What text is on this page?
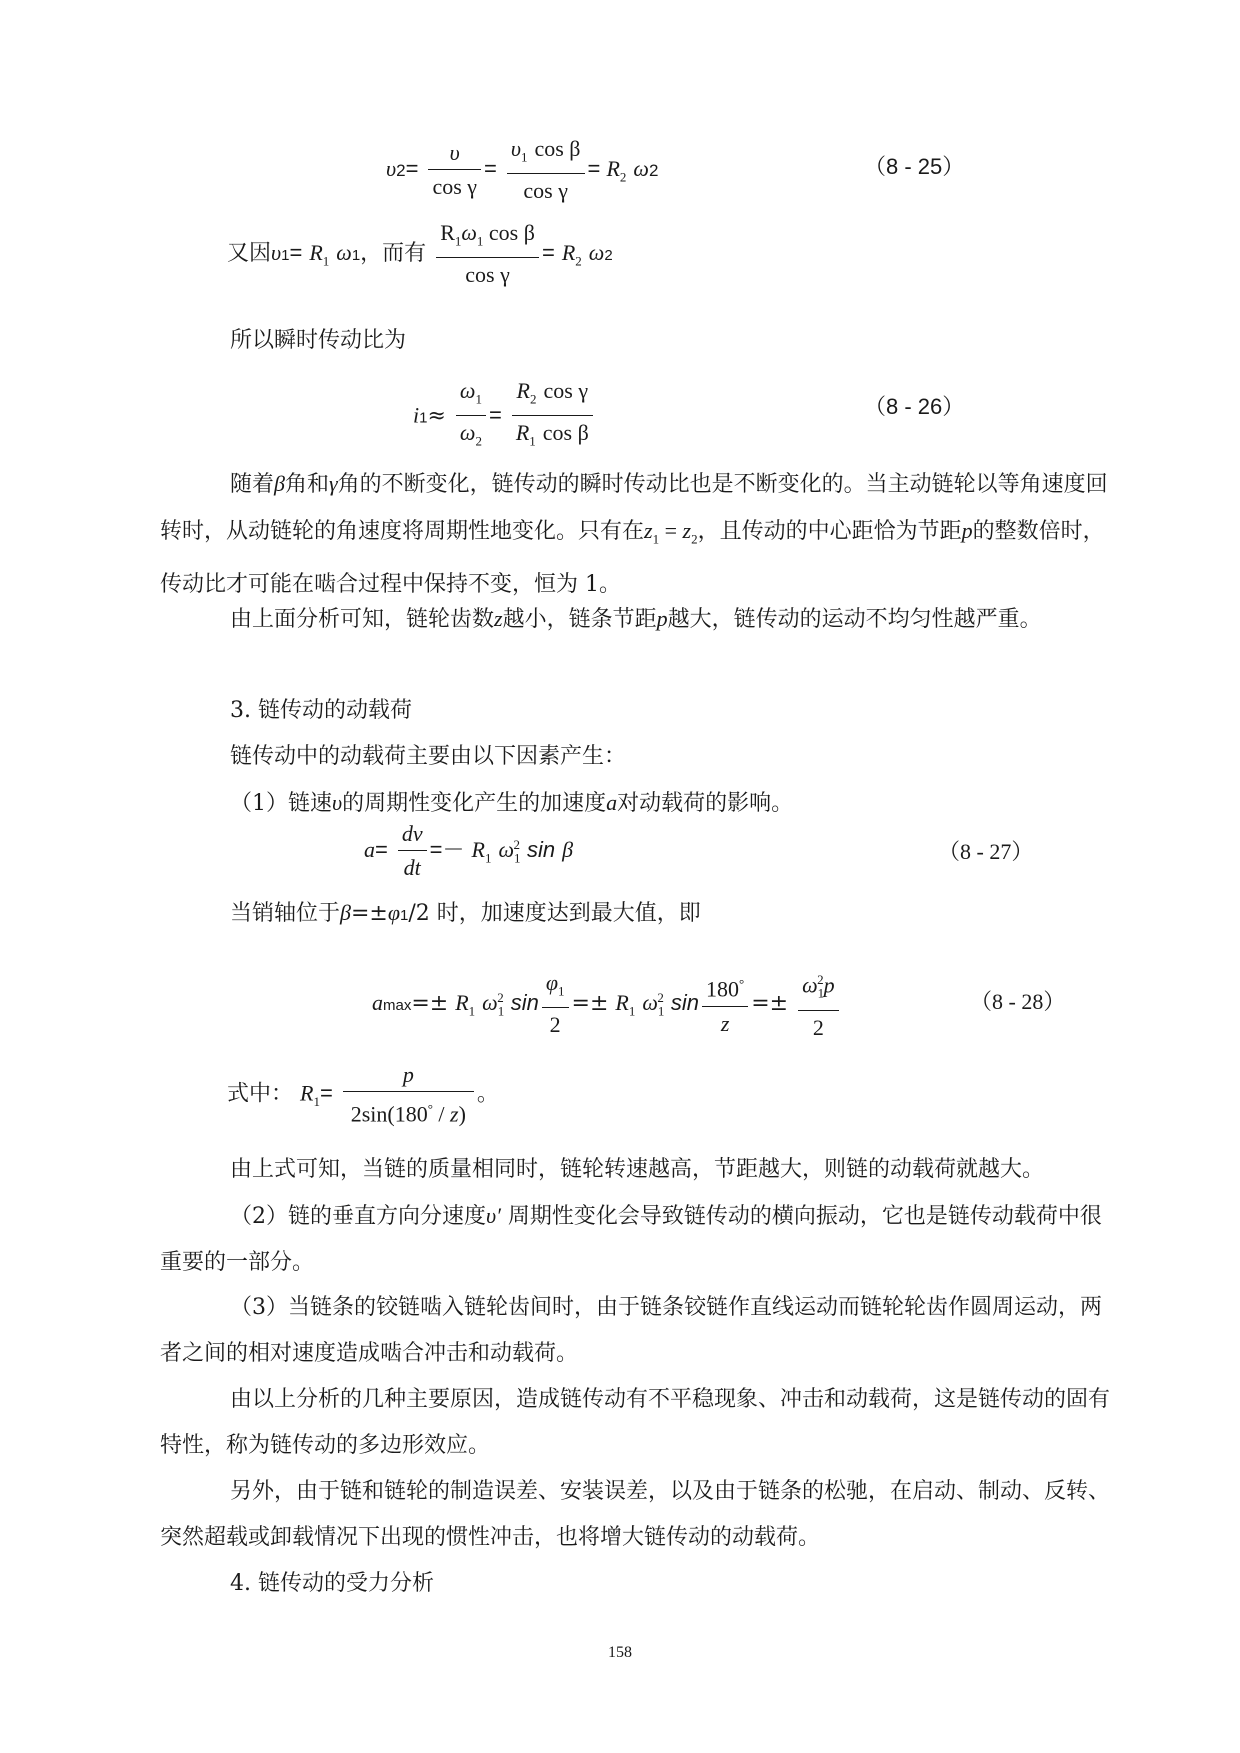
$\upsilon 2= \frac{\upsilon}{\text{cos γ}} = \frac{\upsilon_1 \cos \beta}{\text{cos γ}} = R_2$ ω2	（8 - 25）
又因$\upsilon 1= R_1$ ω1，而有 $\frac{R_1\omega_1 \cos \beta}{\text{cos γ}} = R_2$ ω2
所以瞬时传动比为
$i1\approx \frac{\omega_1}{\omega_2} = \frac{R_2 \cos \gamma}{R_1 \cos \beta}$	（8 - 26）
随着β角和γ角的不断变化，链传动的瞬时传动比也是不断变化的。当主动链轮以等角速度回转时，从动链轮的角速度将周期性地变化。只有在$z_1 = z_2$，且传动的中心距恰为节距p的整数倍时，传动比才可能在啮合过程中保持不变，恒为 1。
由上面分析可知，链轮齿数z越小，链条节距p越大，链传动的运动不均匀性越严重。
3. 链传动的动载荷
链传动中的动载荷主要由以下因素产生：
（1）链速υ的周期性变化产生的加速度a对动载荷的影响。
$a= \frac{dv}{dt} =- R_1$ $\omega_1^2$ sin β	（8 - 27）
当销轴位于β=±φ1/2 时，加速度达到最大值，即
$amax=\pm R_1$ $\omega_1^2$ $\sin \frac{\varphi_1}{2} =\pm R_1$ $\omega_1^2$ $\sin \frac{180^\circ}{z} =\pm \frac{\omega_1^2p}{2}$	（8 - 28）
式中： $R_1= \frac{p}{2\sin(180^\circ / z)}$ 。
由上式可知，当链的质量相同时，链轮转速越高，节距越大，则链的动载荷就越大。
（2）链的垂直方向分速度υ′ 周期性变化会导致链传动的横向振动，它也是链传动载荷中很重要的一部分。
（3）当链条的铰链啮入链轮齿间时，由于链条铰链作直线运动而链轮轮齿作圆周运动，两者之间的相对速度造成啮合冲击和动载荷。
由以上分析的几种主要原因，造成链传动有不平稳现象、冲击和动载荷，这是链传动的固有特性，称为链传动的多边形效应。
另外，由于链和链轮的制造误差、安装误差，以及由于链条的松驰，在启动、制动、反转、突然超载或卸载情况下出现的惯性冲击，也将增大链传动的动载荷。
4. 链传动的受力分析
158
